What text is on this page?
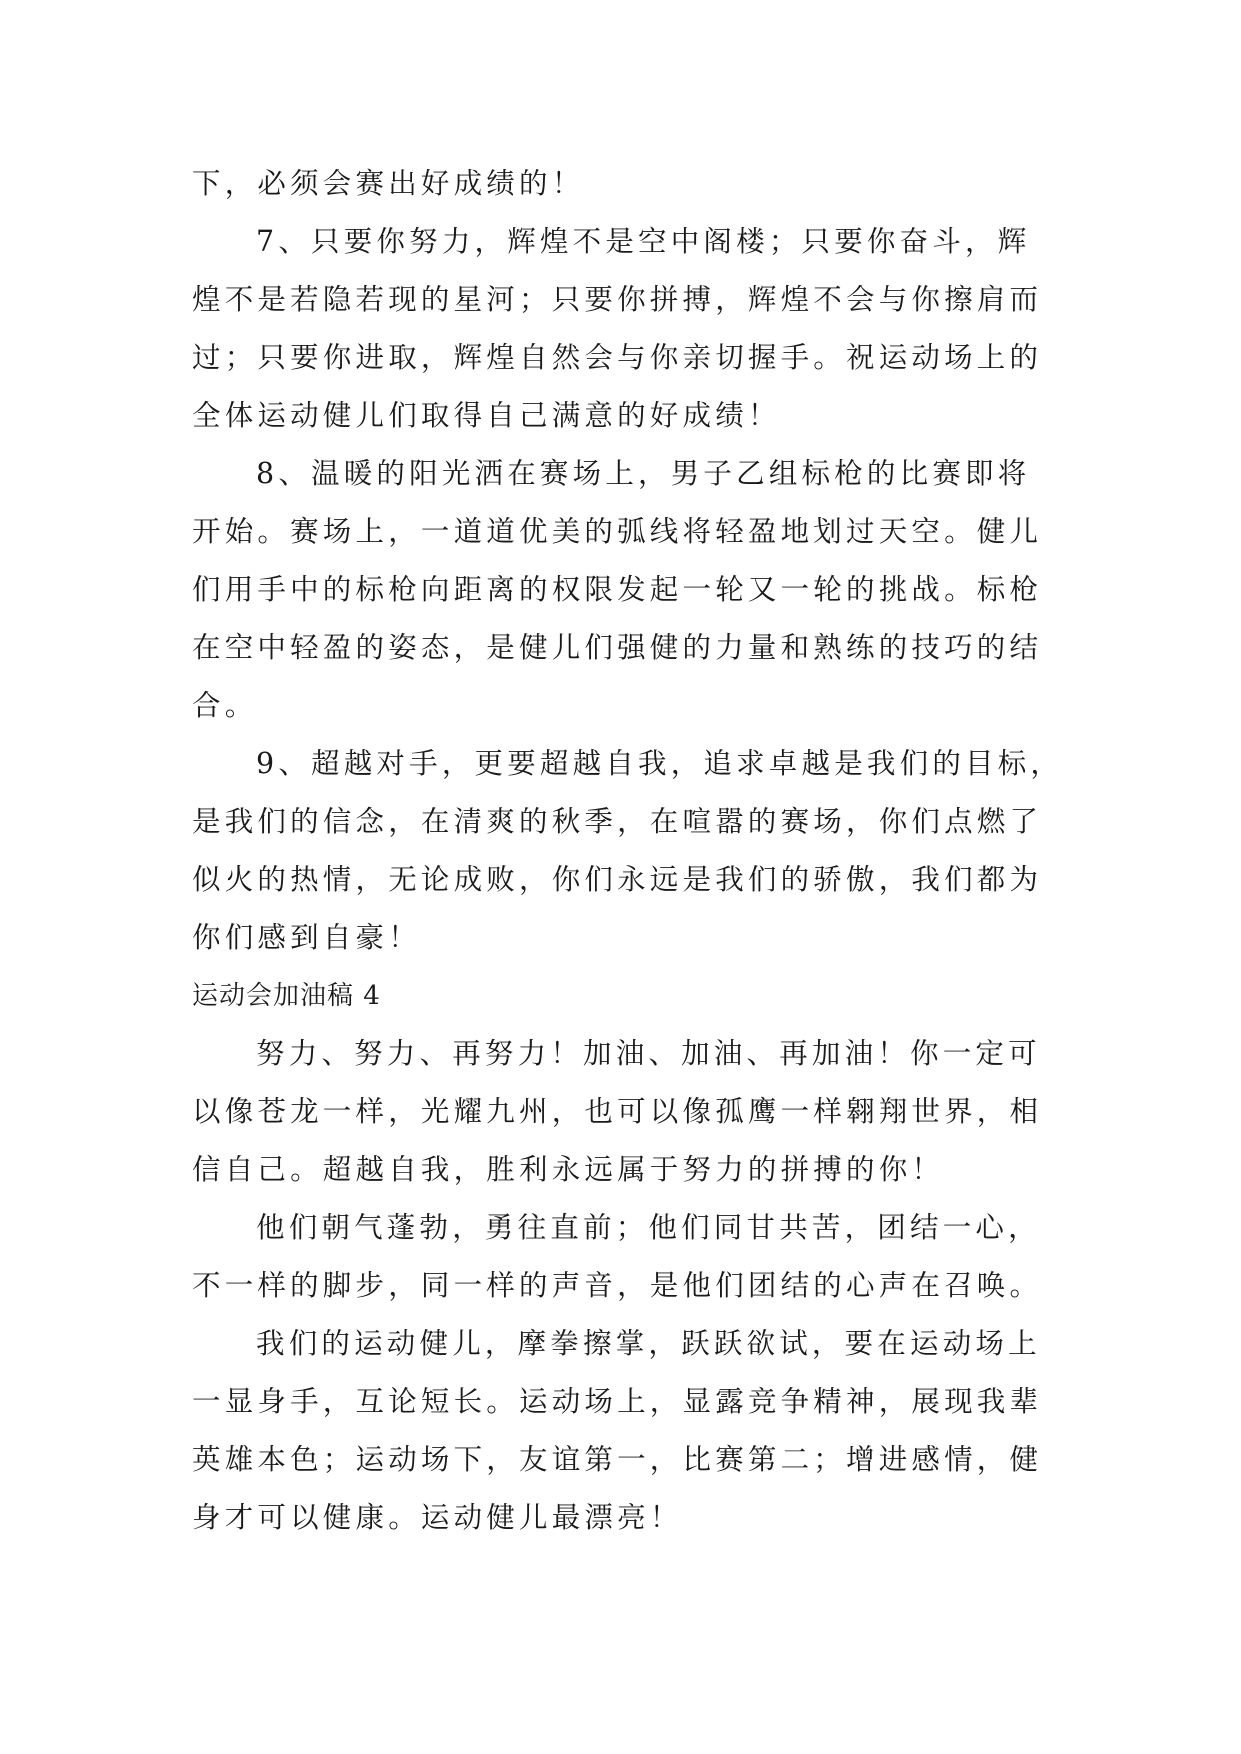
下，必须会赛出好成绩的！
7、只要你努力，辉煌不是空中阁楼；只要你奋斗，辉
煌不是若隐若现的星河；只要你拼搏，辉煌不会与你擦肩而
过；只要你进取，辉煌自然会与你亲切握手。祝运动场上的
全体运动健儿们取得自己满意的好成绩！
8、温暖的阳光洒在赛场上，男子乙组标枪的比赛即将
开始。赛场上，一道道优美的弧线将轻盈地划过天空。健儿
们用手中的标枪向距离的权限发起一轮又一轮的挑战。标枪
在空中轻盈的姿态，是健儿们强健的力量和熟练的技巧的结
合。
9、超越对手，更要超越自我，追求卓越是我们的目标，
是我们的信念，在清爽的秋季，在喧嚣的赛场，你们点燃了
似火的热情，无论成败，你们永远是我们的骄傲，我们都为
你们感到自豪！
运动会加油稿 4
努力、努力、再努力！加油、加油、再加油！你一定可
以像苍龙一样，光耀九州，也可以像孤鹰一样翱翔世界，相
信自己。超越自我，胜利永远属于努力的拼搏的你！
他们朝气蓬勃，勇往直前；他们同甘共苦，团结一心，
不一样的脚步，同一样的声音，是他们团结的心声在召唤。
我们的运动健儿，摩拳擦掌，跃跃欲试，要在运动场上
一显身手，互论短长。运动场上，显露竞争精神，展现我辈
英雄本色；运动场下，友谊第一，比赛第二；增进感情，健
身才可以健康。运动健儿最漂亮！
